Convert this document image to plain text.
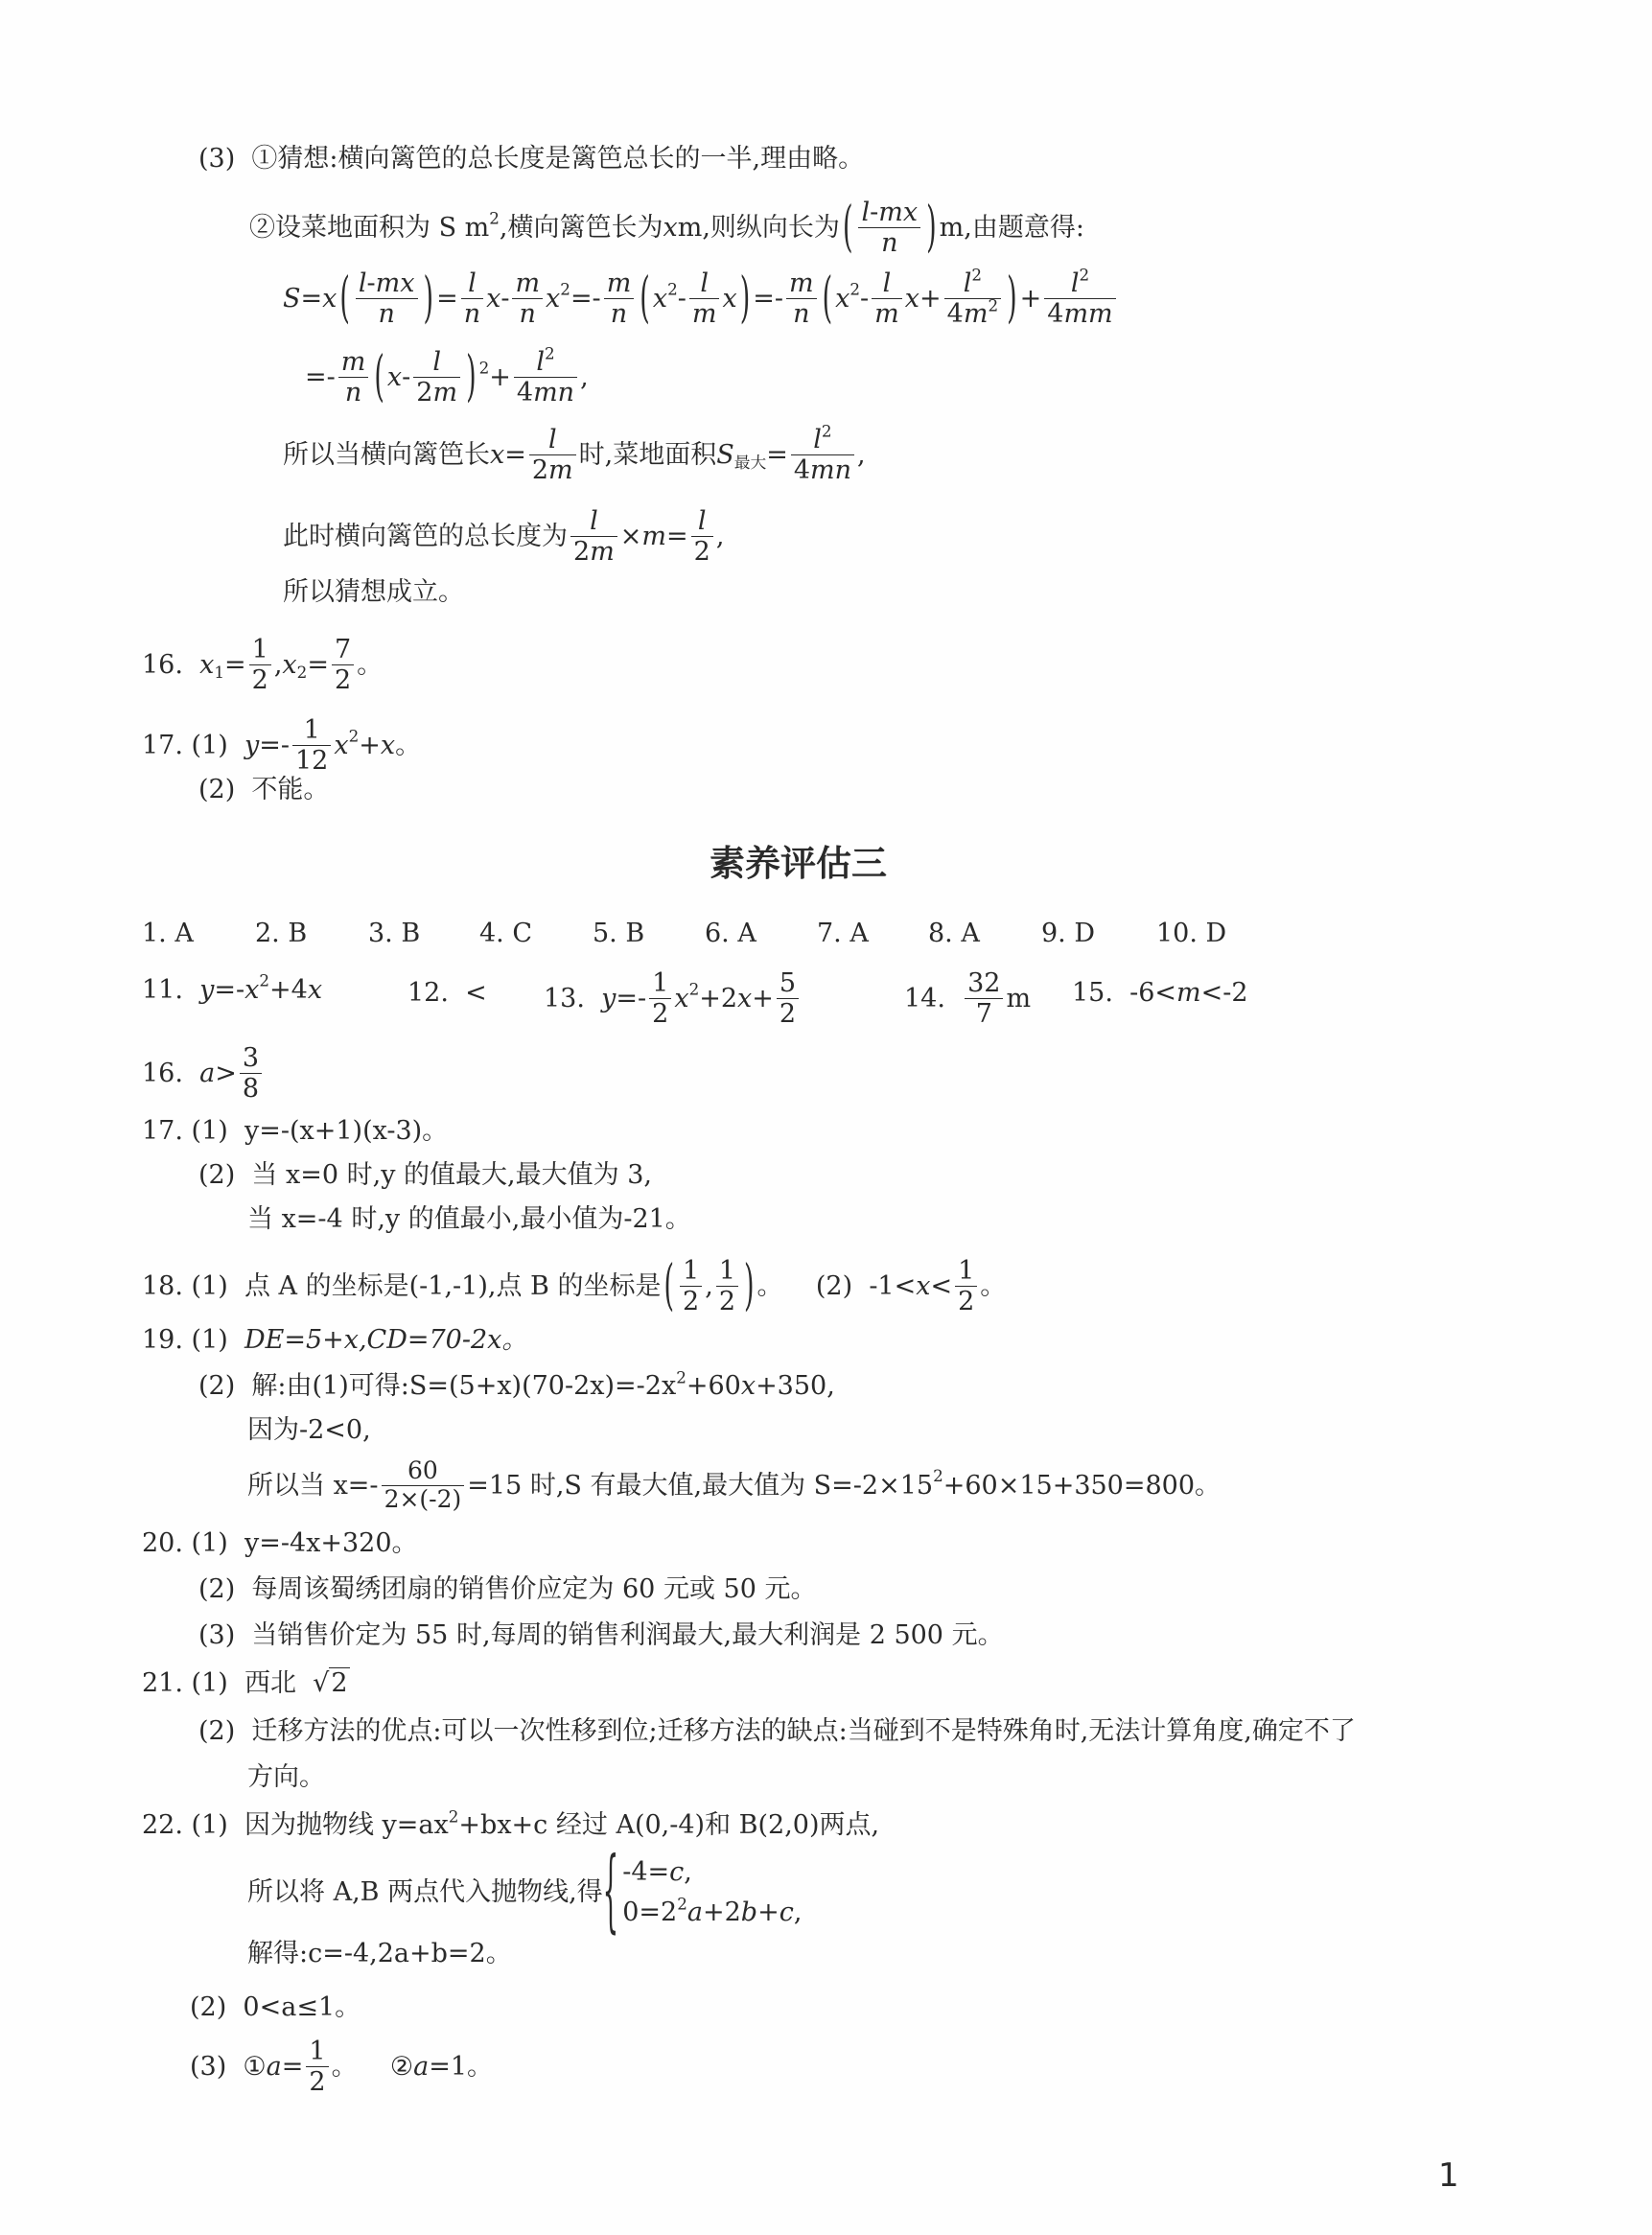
(3) ①猜想:横向篱笆的总长度是篱笆总长的一半,理由略。
②设菜地面积为 S $m^2$,横向篱笆长为xm,则纵向长为 ( $\frac{l-mx}{n} )m$,由题意得:
S=x ( $\frac{l-mx}{n}$ ) = $\frac{l}{n} x- \frac{m}{n} x^2=- \frac{m}{n}$ ( $x^2- \frac{l}{m}$ x ) =- $\frac{m}{n}$ ( $x^2- \frac{l}{m} x+ \frac{l^2}{4m^2}$ ) + $\frac{l^2}{4mm}$
=- $\frac{m}{n}$ ( $x- \frac{l}{2m}$ ) $^2+ \frac{l^2}{4mn}$ ,
所以当横向篱笆长$x= \frac{l}{2m}$ 时,菜地面积$S_{最大}= \frac{l^2}{4mn}$ ,
此时横向篱笆的总长度为 $\frac{l}{2m} \times m= \frac{l}{2}$ ,
所以猜想成立。
16. $x_1= \frac{1}{2} ,x_2= \frac{7}{2}$ 。
17. (1) $y=- \frac{1}{12} x^2+x$。
(2) 不能。
素养评估三
1. A 2. B 3. B 4. C 5. B 6. A 7. A 8. A 9. D 10. D
11. $y=-x^2+4x$	12. < 13. $y=- \frac{1}{2} x^2+2x+ \frac{5}{2}$	14. $\frac{32}{7}$ m 15.  -6<m<-2
16. $a> \frac{3}{8}$
17. (1) y=-(x+1)(x-3)。
(2) 当 x=0 时,y 的值最大,最大值为 3,
当 x=-4 时,y 的值最小,最小值为-21。
18. (1) 点 A 的坐标是(-1,-1),点 B 的坐标是 ( $\frac{1}{2}$ , $\frac{1}{2}$ ) 。 (2) $-1<x< \frac{1}{2}$ 。
19. (1) DE=5+x,CD=70-2x。
(2) 解:由(1)可得$:S=(5+x)(70-2x)=-2x^2+60x+350$,
因为-2<0,
所以当 $x=- \frac{60}{2\times(-2)} =15$ 时,S 有最大值,最大值为 $S=-2\times 15^2+60\times 15+350=800$。
20. (1) y=-4x+320。
(2) 每周该蜀绣团扇的销售价应定为 60 元或 50 元。
(3) 当销售价定为 55 时,每周的销售利润最大,最大利润是 2 500 元。
21. (1) 西北 √2
(2) 迁移方法的优点:可以一次性移到位;迁移方法的缺点:当碰到不是特殊角时,无法计算角度,确定不了
方向。
22. (1) 因为抛物线 $y=ax^2+bx+c$ 经过 A(0,-4)和 B(2,0)两点,
所以将 A,B 两点代入抛物线,得{ -4=c,
$0=2^2a+2b+c$,
解得:c=-4,2a+b=2。
(2) 0<a≤1。
(3) ①a= $\frac{1}{2}$ 。 ②a=1。
1
